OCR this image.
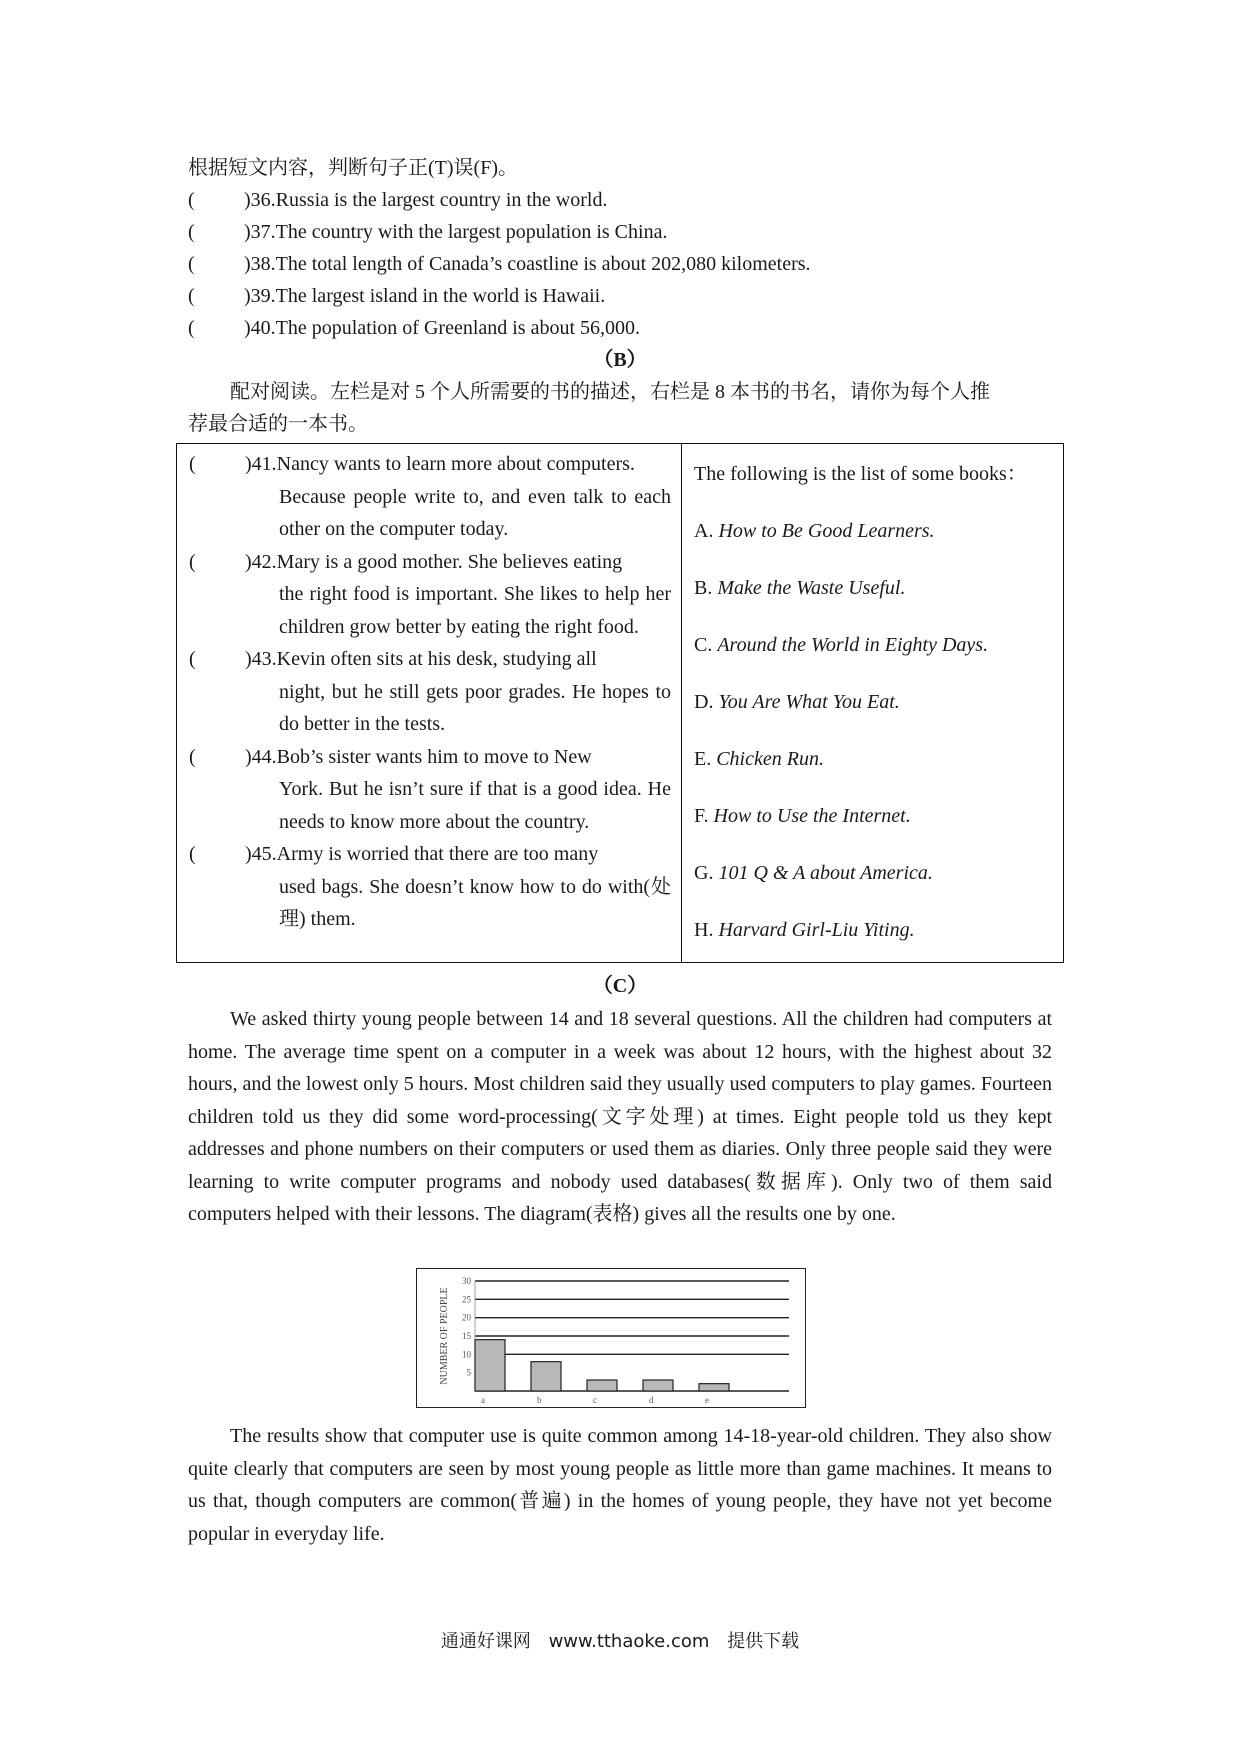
根据短文内容，判断句子正(T)误(F)。
( )36.Russia is the largest country in the world.
( )37.The country with the largest population is China.
( )38.The total length of Canada’s coastline is about 202,080 kilometers.
( )39.The largest island in the world is Hawaii.
( )40.The population of Greenland is about 56,000.
（B）
配对阅读。左栏是对 5 个人所需要的书的描述，右栏是 8 本书的书名，请你为每个人推
荐最合适的一本书。
(	)41.Nancy wants to learn more about computers.
Because people write to, and even talk to each other on the computer today.
(	)42.Mary is a good mother. She believes eating
the right food is important. She likes to help her children grow better by eating the right food.
(	)43.Kevin often sits at his desk, studying all
night, but he still gets poor grades. He hopes to do better in the tests.
(	)44.Bob’s sister wants him to move to New
York. But he isn’t sure if that is a good idea. He needs to know more about the country.
(	)45.Army is worried that there are too many
used bags. She doesn’t know how to do with(处理) them.
The following is the list of some books：
A. How to Be Good Learners.
B. Make the Waste Useful.
C. Around the World in Eighty Days.
D. You Are What You Eat.
E. Chicken Run.
F. How to Use the Internet.
G. 101 Q & A about America.
H. Harvard Girl-Liu Yiting.
（C）
We asked thirty young people between 14 and 18 several questions. All the children had computers at home. The average time spent on a computer in a week was about 12 hours, with the highest about 32 hours, and the lowest only 5 hours. Most children said they usually used computers to play games. Fourteen children told us they did some word-processing(文字处理) at times. Eight people told us they kept addresses and phone numbers on their computers or used them as diaries. Only three people said they were learning to write computer programs and nobody used databases(数据库). Only two of them said computers helped with their lessons. The diagram(表格) gives all the results one by one.
NUMBER OF PEOPLE 5
10
15
20
25
30
a	b	c	d	e
The results show that computer use is quite common among 14-18-year-old children. They also show quite clearly that computers are seen by most young people as little more than game machines. It means to us that, though computers are common(普遍) in the homes of young people, they have not yet become popular in everyday life.
通通好课网 www.tthaoke.com 提供下载
